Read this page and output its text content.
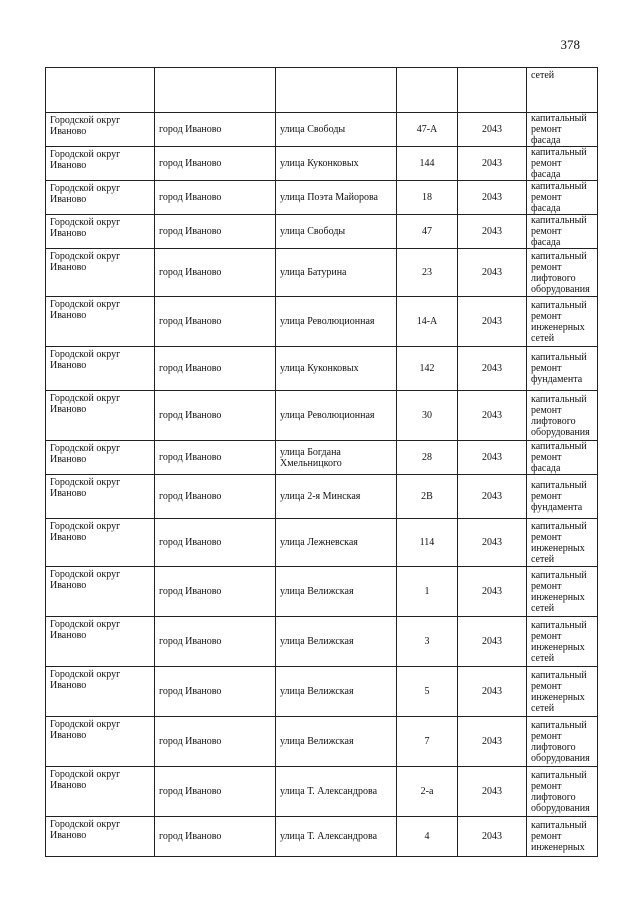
378
					сетей
Городской округ Иваново	город Иваново	улица Свободы	47-А	2043	капитальный ремонт фасада
Городской округ Иваново	город Иваново	улица Куконковых	144	2043	капитальный ремонт фасада
Городской округ Иваново	город Иваново	улица Поэта Майорова	18	2043	капитальный ремонт фасада
Городской округ Иваново	город Иваново	улица Свободы	47	2043	капитальный ремонт фасада
Городской округ Иваново	город Иваново	улица Батурина	23	2043	капитальный ремонт лифтового оборудования
Городской округ Иваново	город Иваново	улица Революционная	14-А	2043	капитальный ремонт инженерных сетей
Городской округ Иваново	город Иваново	улица Куконковых	142	2043	капитальный ремонт фундамента
Городской округ Иваново	город Иваново	улица Революционная	30	2043	капитальный ремонт лифтового оборудования
Городской округ Иваново	город Иваново	улица Богдана Хмельницкого	28	2043	капитальный ремонт фасада
Городской округ Иваново	город Иваново	улица 2-я Минская	2В	2043	капитальный ремонт фундамента
Городской округ Иваново	город Иваново	улица Лежневская	114	2043	капитальный ремонт инженерных сетей
Городской округ Иваново	город Иваново	улица Велижская	1	2043	капитальный ремонт инженерных сетей
Городской округ Иваново	город Иваново	улица Велижская	3	2043	капитальный ремонт инженерных сетей
Городской округ Иваново	город Иваново	улица Велижская	5	2043	капитальный ремонт инженерных сетей
Городской округ Иваново	город Иваново	улица Велижская	7	2043	капитальный ремонт лифтового оборудования
Городской округ Иваново	город Иваново	улица Т. Александрова	2-а	2043	капитальный ремонт лифтового оборудования
Городской округ Иваново	город Иваново	улица Т. Александрова	4	2043	капитальный ремонт инженерных
